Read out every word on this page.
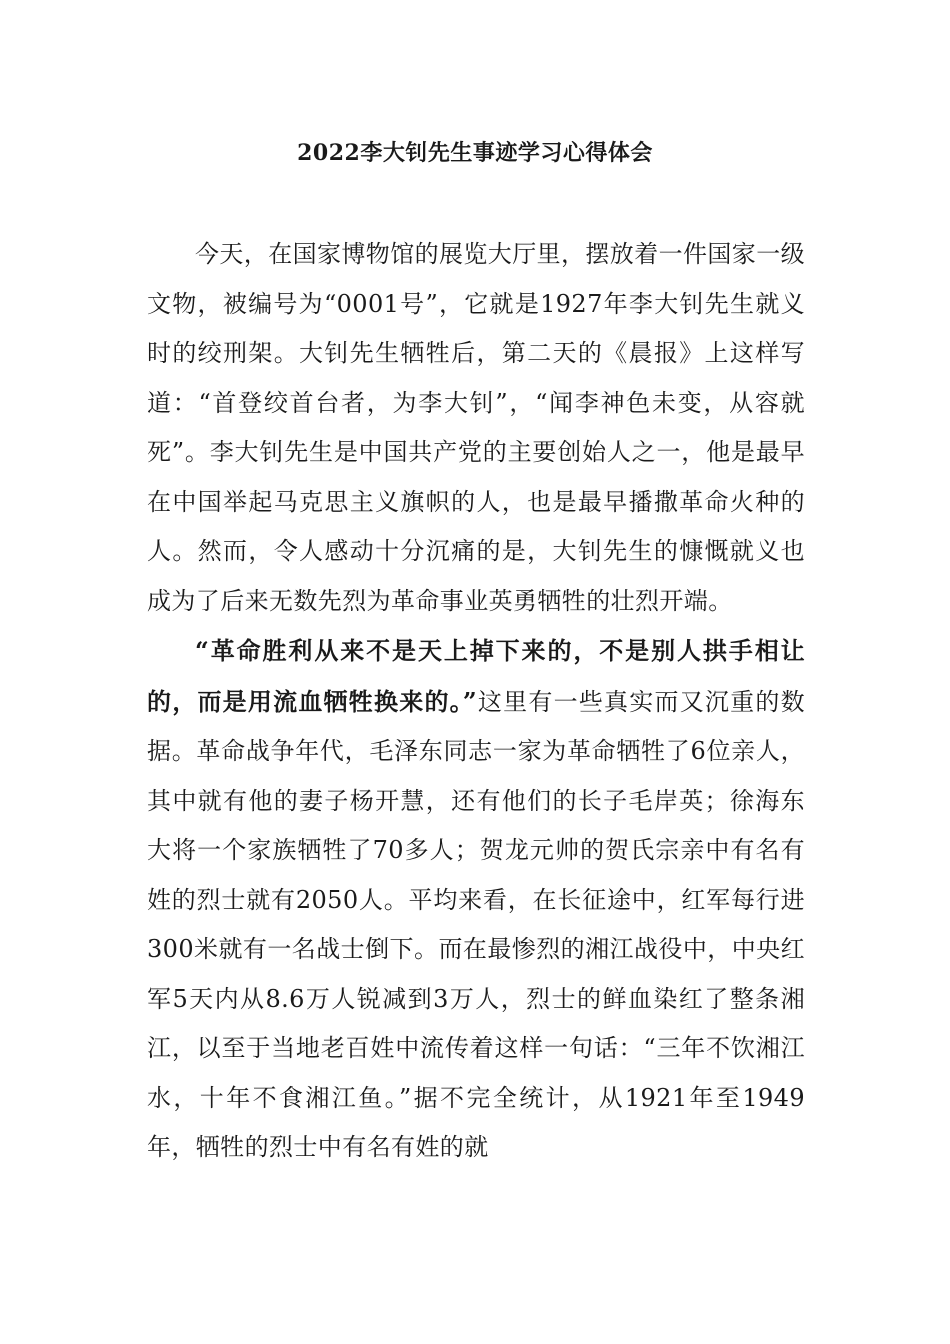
2022李大钊先生事迹学习心得体会

今天，在国家博物馆的展览大厅里，摆放着一件国家一级文物，被编号为“0001号”，它就是1927年李大钊先生就义时的绞刑架。大钊先生牺牲后，第二天的《晨报》上这样写道：“首登绞首台者，为李大钊”，“闻李神色未变，从容就死”。李大钊先生是中国共产党的主要创始人之一，他是最早在中国举起马克思主义旗帜的人，也是最早播撒革命火种的人。然而，令人感动十分沉痛的是，大钊先生的慷慨就义也成为了后来无数先烈为革命事业英勇牺牲的壮烈开端。

“革命胜利从来不是天上掉下来的，不是别人拱手相让的，而是用流血牺牲换来的。”这里有一些真实而又沉重的数据。革命战争年代，毛泽东同志一家为革命牺牲了6位亲人，其中就有他的妻子杨开慧，还有他们的长子毛岸英；徐海东大将一个家族牺牲了70多人；贺龙元帅的贺氏宗亲中有名有姓的烈士就有2050人。平均来看，在长征途中，红军每行进300米就有一名战士倒下。而在最惨烈的湘江战役中，中央红军5天内从8.6万人锐减到3万人，烈士的鲜血染红了整条湘江，以至于当地老百姓中流传着这样一句话：“三年不饮湘江水，十年不食湘江鱼。”据不完全统计，从1921年至1949年，牺牲的烈士中有名有姓的就
